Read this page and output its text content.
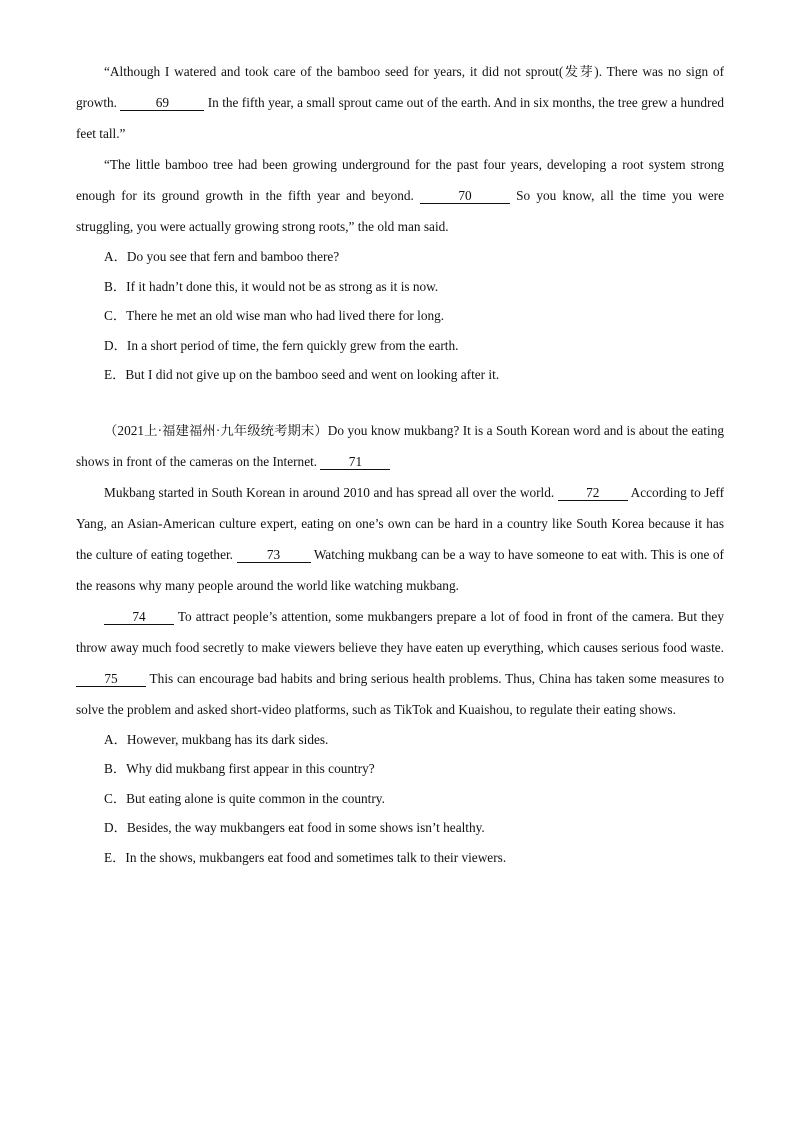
“Although I watered and took care of the bamboo seed for years, it did not sprout(发芽). There was no sign of growth.	69	In the fifth year, a small sprout came out of the earth. And in six months, the tree grew a hundred feet tall.”

“The little bamboo tree had been growing underground for the past four years, developing a root system strong enough for its ground growth in the fifth year and beyond.	70	So you know, all the time you were struggling, you were actually growing strong roots,” the old man said.

A．Do you see that fern and bamboo there?

B．If it hadn’t done this, it would not be as strong as it is now.

C．There he met an old wise man who had lived there for long.

D．In a short period of time, the fern quickly grew from the earth.

E．But I did not give up on the bamboo seed and went on looking after it.

（2021上·福建福州·九年级统考期末）Do you know mukbang? It is a South Korean word and is about the eating shows in front of the cameras on the Internet. 71

Mukbang started in South Korean in around 2010 and has spread all over the world. 72 According to Jeff Yang, an Asian-American culture expert, eating on one’s own can be hard in a country like South Korea because it has the culture of eating together. 73 Watching mukbang can be a way to have someone to eat with. This is one of the reasons why many people around the world like watching mukbang.

74 To attract people’s attention, some mukbangers prepare a lot of food in front of the camera. But they throw away much food secretly to make viewers believe they have eaten up everything, which causes serious food waste. 75 This can encourage bad habits and bring serious health problems. Thus, China has taken some measures to solve the problem and asked short-video platforms, such as TikTok and Kuaishou, to regulate their eating shows.

A．However, mukbang has its dark sides.

B．Why did mukbang first appear in this country?

C．But eating alone is quite common in the country.

D．Besides, the way mukbangers eat food in some shows isn’t healthy.

E．In the shows, mukbangers eat food and sometimes talk to their viewers.
